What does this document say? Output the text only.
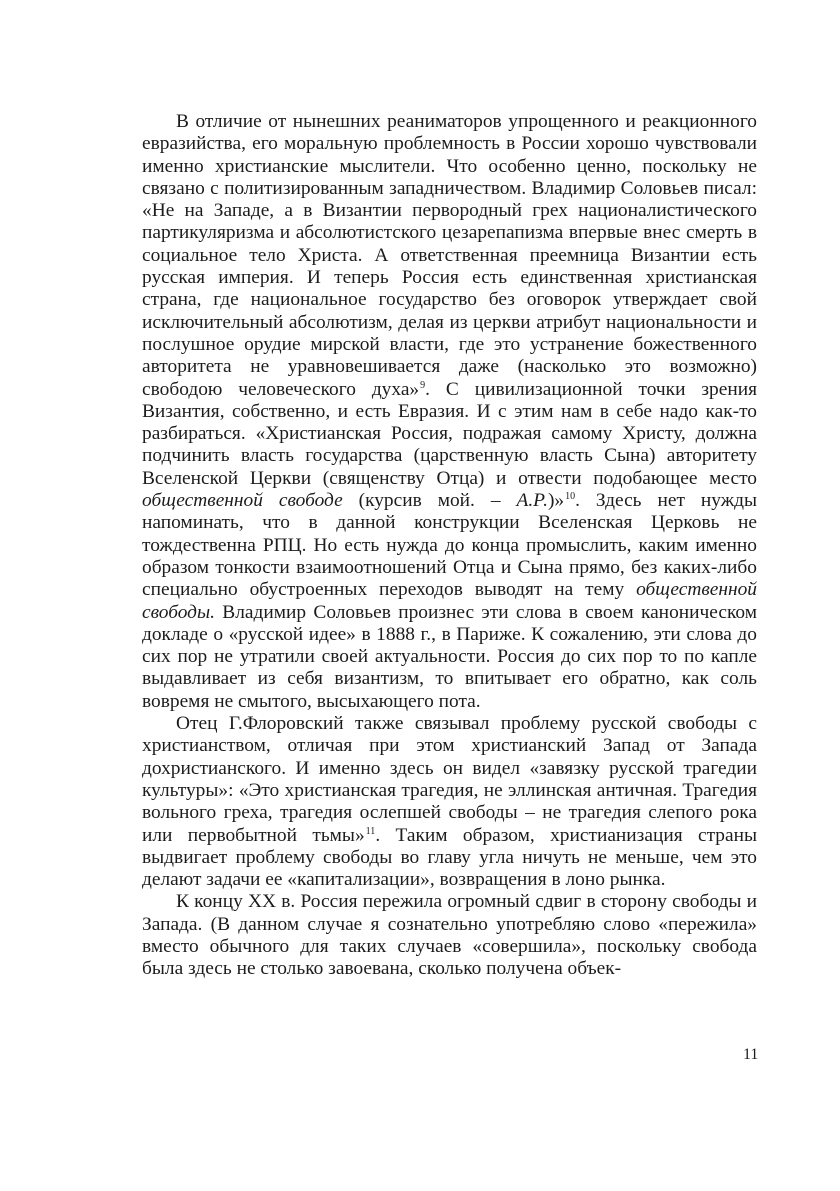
В отличие от нынешних реаниматоров упрощенного и реакционного евразийства, его моральную проблемность в России хорошо чувствовали именно христианские мыслители. Что особенно ценно, поскольку не связано с политизированным западничеством. Владимир Соловьев писал: «Не на Западе, а в Византии первородный грех националистического партикуляризма и абсолютистского цезарепапизма впервые внес смерть в социальное тело Христа. А ответственная преемница Византии есть русская империя. И теперь Россия есть единственная христианская страна, где национальное государство без оговорок утверждает свой исключительный абсолютизм, делая из церкви атрибут национальности и послушное орудие мирской власти, где это устранение божественного авторитета не уравновешивается даже (насколько это возможно) свободою человеческого духа»$^9$. С цивилизационной точки зрения Византия, собственно, и есть Евразия. И с этим нам в себе надо как-то разбираться. «Христианская Россия, подражая самому Христу, должна подчинить власть государства (царственную власть Сына) авторитету Вселенской Церкви (священству Отца) и отвести подобающее место общественной свободе (курсив мой. – А.Р.)»$^{10}$. Здесь нет нужды напоминать, что в данной конструкции Вселенская Церковь не тождественна РПЦ. Но есть нужда до конца промыслить, каким именно образом тонкости взаимоотношений Отца и Сына прямо, без каких-либо специально обустроенных переходов выводят на тему общественной свободы. Владимир Соловьев произнес эти слова в своем каноническом докладе о «русской идее» в 1888 г., в Париже. К сожалению, эти слова до сих пор не утратили своей актуальности. Россия до сих пор то по капле выдавливает из себя византизм, то впитывает его обратно, как соль вовремя не смытого, высыхающего пота.

Отец Г.Флоровский также связывал проблему русской свободы с христианством, отличая при этом христианский Запад от Запада дохристианского. И именно здесь он видел «завязку русской трагедии культуры»: «Это христианская трагедия, не эллинская античная. Трагедия вольного греха, трагедия ослепшей свободы – не трагедия слепого рока или первобытной тьмы»$^{11}$. Таким образом, христианизация страны выдвигает проблему свободы во главу угла ничуть не меньше, чем это делают задачи ее «капитализации», возвращения в лоно рынка.

К концу XX в. Россия пережила огромный сдвиг в сторону свободы и Запада. (В данном случае я сознательно употребляю слово «пережила» вместо обычного для таких случаев «совершила», поскольку свобода была здесь не столько завоевана, сколько получена объек-

11
